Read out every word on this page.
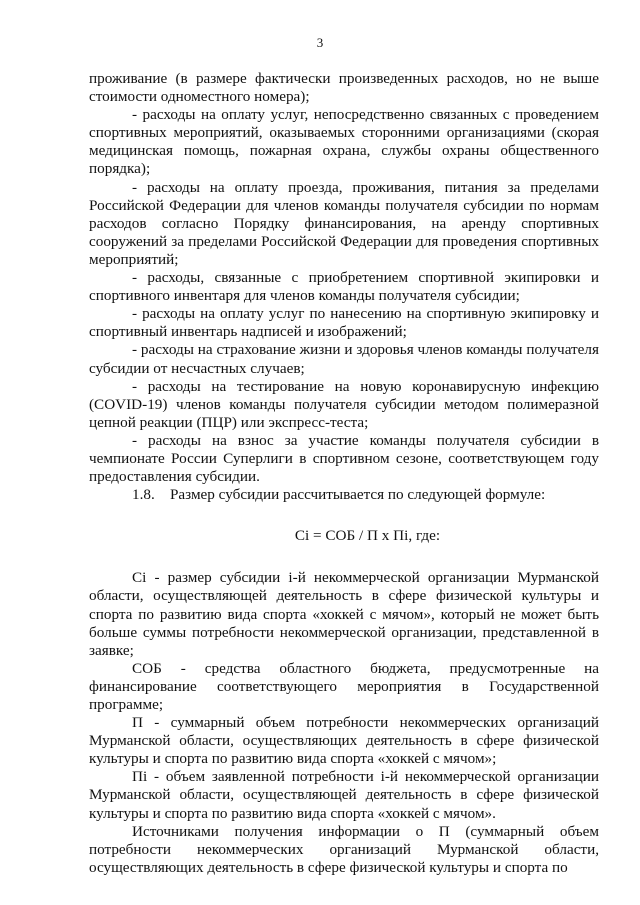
3

проживание (в размере фактически произведенных расходов, но не выше стоимости одноместного номера);

- расходы на оплату услуг, непосредственно связанных с проведением спортивных мероприятий, оказываемых сторонними организациями (скорая медицинская помощь, пожарная охрана, службы охраны общественного порядка);

- расходы на оплату проезда, проживания, питания за пределами Российской Федерации для членов команды получателя субсидии по нормам расходов согласно Порядку финансирования, на аренду спортивных сооружений за пределами Российской Федерации для проведения спортивных мероприятий;

- расходы, связанные с приобретением спортивной экипировки и спортивного инвентаря для членов команды получателя субсидии;

- расходы на оплату услуг по нанесению на спортивную экипировку и спортивный инвентарь надписей и изображений;

- расходы на страхование жизни и здоровья членов команды получателя субсидии от несчастных случаев;

- расходы на тестирование на новую коронавирусную инфекцию (COVID-19) членов команды получателя субсидии методом полимеразной цепной реакции (ПЦР) или экспресс-теста;

- расходы на взнос за участие команды получателя субсидии в чемпионате России Суперлиги в спортивном сезоне, соответствующем году предоставления субсидии.

1.8.    Размер субсидии рассчитывается по следующей формуле:

Сi = СОБ / П х Пi, где:

Сi - размер субсидии i-й некоммерческой организации Мурманской области, осуществляющей деятельность в сфере физической культуры и спорта по развитию вида спорта «хоккей с мячом», который не может быть больше суммы потребности некоммерческой организации, представленной в заявке;

СОБ - средства областного бюджета, предусмотренные на финансирование соответствующего мероприятия в Государственной программе;

П - суммарный объем потребности некоммерческих организаций Мурманской области, осуществляющих деятельность в сфере физической культуры и спорта по развитию вида спорта «хоккей с мячом»;

Пi - объем заявленной потребности i-й некоммерческой организации Мурманской области, осуществляющей деятельность в сфере физической культуры и спорта по развитию вида спорта «хоккей с мячом».

Источниками получения информации о П (суммарный объем потребности некоммерческих организаций Мурманской области, осуществляющих деятельность в сфере физической культуры и спорта по
